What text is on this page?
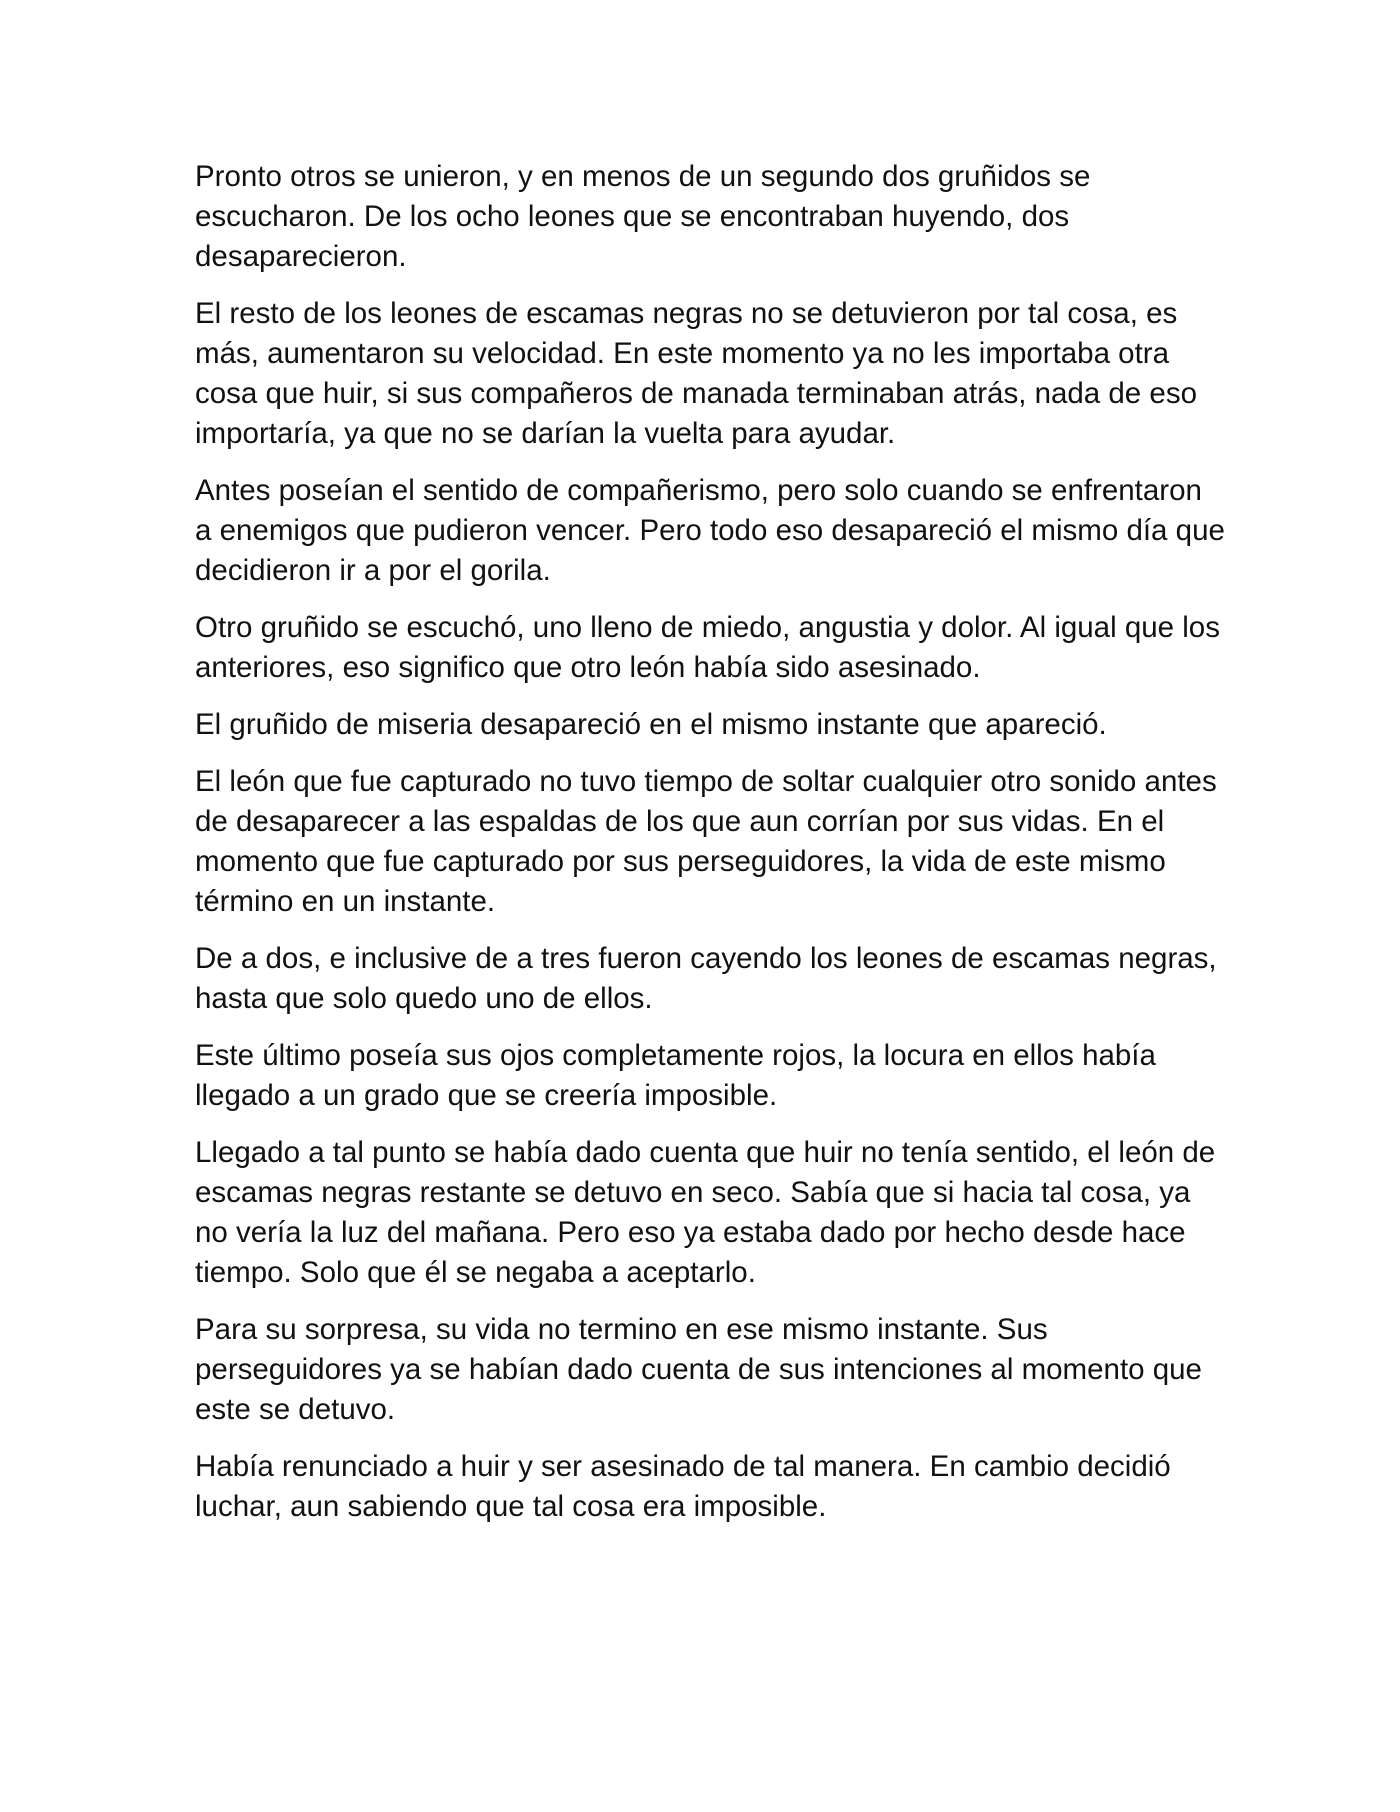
Pronto otros se unieron, y en menos de un segundo dos gruñidos se escucharon. De los ocho leones que se encontraban huyendo, dos desaparecieron.

El resto de los leones de escamas negras no se detuvieron por tal cosa, es más, aumentaron su velocidad. En este momento ya no les importaba otra cosa que huir, si sus compañeros de manada terminaban atrás, nada de eso importaría, ya que no se darían la vuelta para ayudar.

Antes poseían el sentido de compañerismo, pero solo cuando se enfrentaron a enemigos que pudieron vencer. Pero todo eso desapareció el mismo día que decidieron ir a por el gorila.

Otro gruñido se escuchó, uno lleno de miedo, angustia y dolor. Al igual que los anteriores, eso significo que otro león había sido asesinado.

El gruñido de miseria desapareció en el mismo instante que apareció.

El león que fue capturado no tuvo tiempo de soltar cualquier otro sonido antes de desaparecer a las espaldas de los que aun corrían por sus vidas. En el momento que fue capturado por sus perseguidores, la vida de este mismo término en un instante.

De a dos, e inclusive de a tres fueron cayendo los leones de escamas negras, hasta que solo quedo uno de ellos.

Este último poseía sus ojos completamente rojos, la locura en ellos había llegado a un grado que se creería imposible.

Llegado a tal punto se había dado cuenta que huir no tenía sentido, el león de escamas negras restante se detuvo en seco. Sabía que si hacia tal cosa, ya no vería la luz del mañana. Pero eso ya estaba dado por hecho desde hace tiempo. Solo que él se negaba a aceptarlo.

Para su sorpresa, su vida no termino en ese mismo instante. Sus perseguidores ya se habían dado cuenta de sus intenciones al momento que este se detuvo.

Había renunciado a huir y ser asesinado de tal manera. En cambio decidió luchar, aun sabiendo que tal cosa era imposible.
